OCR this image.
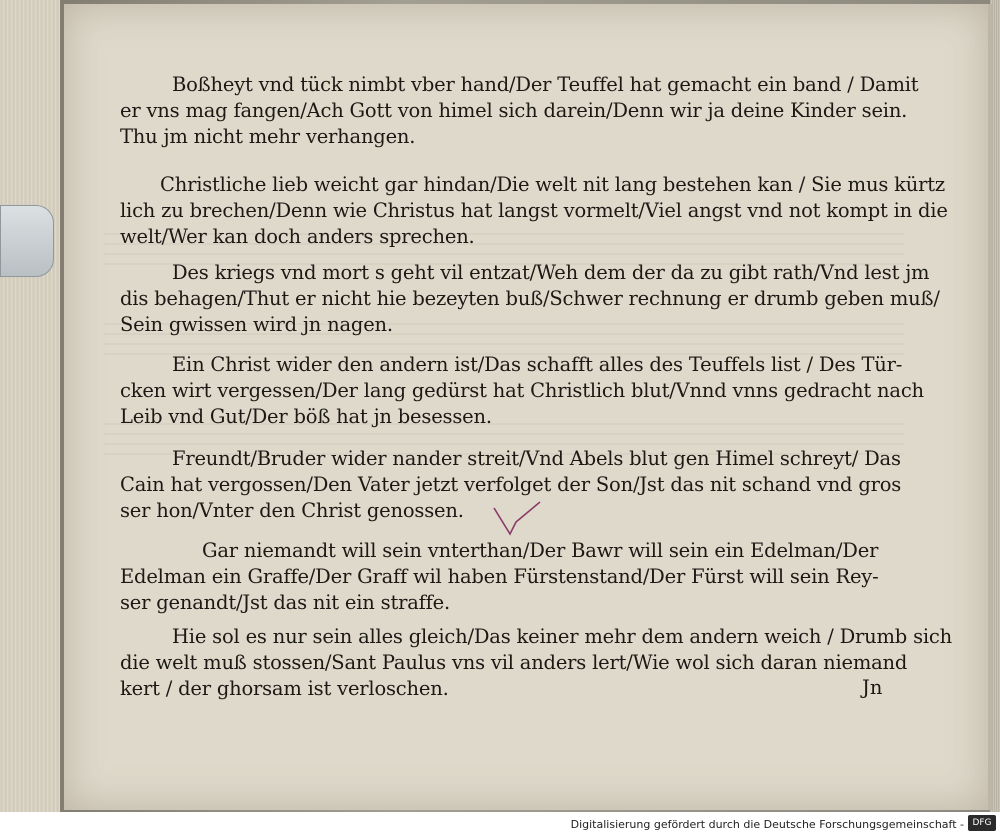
Boßheyt vnd tück nimbt vber hand/Der Teuffel hat gemacht ein band / Damit
er vns mag fangen/Ach Gott von himel sich darein/Denn wir ja deine Kinder sein.
Thu jm nicht mehr verhangen.

Christliche lieb weicht gar hindan/Die welt nit lang bestehen kan / Sie mus kürtz
lich zu brechen/Denn wie Christus hat langst vormelt/Viel angst vnd not kompt in die
welt/Wer kan doch anders sprechen.

Des kriegs vnd mort s geht vil entzat/Weh dem der da zu gibt rath/Vnd lest jm
dis behagen/Thut er nicht hie bezeyten buß/Schwer rechnung er drumb geben muß/
Sein gwissen wird jn nagen.

Ein Christ wider den andern ist/Das schafft alles des Teuffels list / Des Tür-
cken wirt vergessen/Der lang gedürst hat Christlich blut/Vnnd vnns gedracht nach
Leib vnd Gut/Der böß hat jn besessen.

Freundt/Bruder wider nander streit/Vnd Abels blut gen Himel schreyt/ Das
Cain hat vergossen/Den Vater jetzt verfolget der Son/Jst das nit schand vnd gros
ser hon/Vnter den Christ genossen.

Gar niemandt will sein vnterthan/Der Bawr will sein ein Edelman/Der
Edelman ein Graffe/Der Graff wil haben Fürstenstand/Der Fürst will sein Rey-
ser genandt/Jst das nit ein straffe.

Hie sol es nur sein alles gleich/Das keiner mehr dem andern weich / Drumb sich
die welt muß stossen/Sant Paulus vns vil anders lert/Wie wol sich daran niemand
kert / der ghorsam ist verloschen.	Jn
Digitalisierung gefördert durch die Deutsche Forschungsgemeinschaft - DFG
